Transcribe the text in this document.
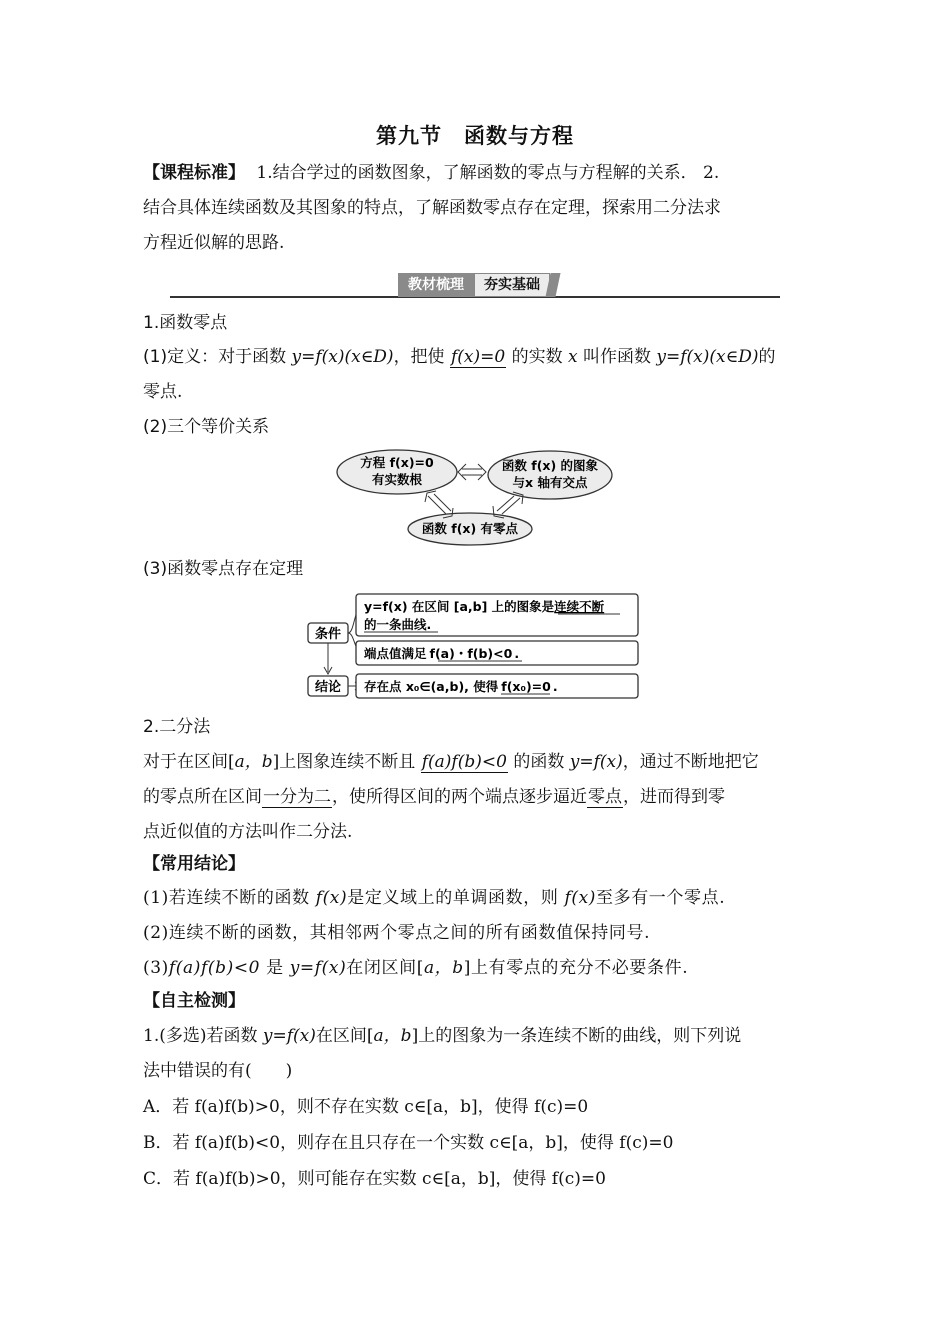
第九节　函数与方程
【课程标准】 1.结合学过的函数图象，了解函数的零点与方程解的关系． 2.
结合具体连续函数及其图象的特点，了解函数零点存在定理，探索用二分法求
方程近似解的思路.
教材梳理	夯实基础
1.函数零点
(1)定义：对于函数 y=f(x)(x∈D)，把使 f(x)=0 的实数 x 叫作函数 y=f(x)(x∈D)的
零点.
(2)三个等价关系
方程 f(x)=0
有实数根
函数 f(x) 的图象
与x 轴有交点
函数 f(x) 有零点
(3)函数零点存在定理
条件
结论
y=f(x) 在区间 [a,b] 上的图象是连续不断
的一条曲线.
端点值满足 f(a)・f(b)<0 .
存在点 x₀∈(a,b), 使得 f(x₀)=0 .
2.二分法
对于在区间[a，b]上图象连续不断且 f(a)f(b)<0 的函数 y=f(x)，通过不断地把它
的零点所在区间一分为二，使所得区间的两个端点逐步逼近零点，进而得到零
点近似值的方法叫作二分法.
【常用结论】
(1)若连续不断的函数 f(x)是定义域上的单调函数，则 f(x)至多有一个零点.
(2)连续不断的函数，其相邻两个零点之间的所有函数值保持同号.
(3)f(a)f(b)<0 是 y=f(x)在闭区间[a，b]上有零点的充分不必要条件.
【自主检测】
1.(多选)若函数 y=f(x)在区间[a，b]上的图象为一条连续不断的曲线，则下列说
法中错误的有(　　)
A．若 f(a)f(b)>0，则不存在实数 c∈[a，b]，使得 f(c)=0
B．若 f(a)f(b)<0，则存在且只存在一个实数 c∈[a，b]，使得 f(c)=0
C．若 f(a)f(b)>0，则可能存在实数 c∈[a，b]，使得 f(c)=0
